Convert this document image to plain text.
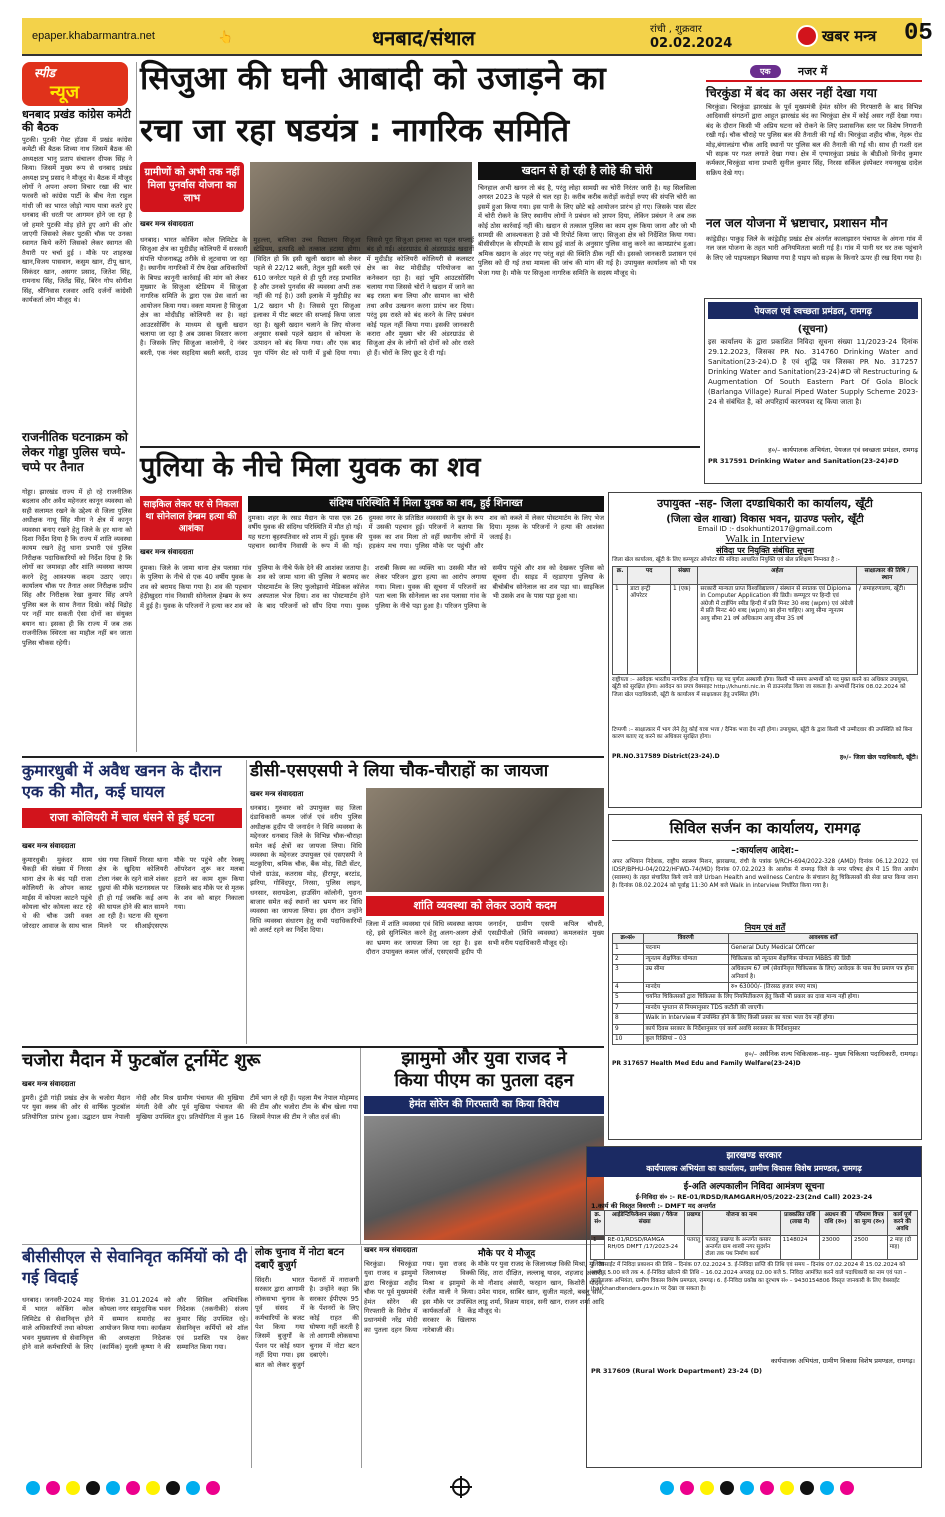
epaper.khabarmantra.net	👆	धनबाद/संथाल	रांची , शुक्रवार
02.02.2024	खबर मन्त्र 05
स्पीड
न्यूज
धनबाद प्रखंड कांग्रेस कमेटी की बैठक
पुटकी। पुटकी गेस्ट हॉउस में प्रखंड कांग्रेस कमेटी की बैठक शिव्या नाथ जिसमें बैठक की अध्यक्षता भानु प्रताप संचालन दीपक सिंह ने किया। जिसमें मुख्य रूप से धनबाद प्रखंड अध्यक्ष प्रभु प्रसाद ने मौजूद थे। बैठक में मौजूद लोगों ने अपना अपना विचार रखा की चार फरवरी को कांग्रेस पार्टी के बीच नेता राहुल गांधी जी का भारत जोड़ो न्याय यात्रा कतरे हुए धनबाद की धरती पर आगमन होने जा रहा है जो हमारे पुटकी मोड़ होते हुए आगे की ओर जाएगी जिसको लेकर पुटकी चौक पर उनका स्वागत किये करेंगे जिसको लेकर स्वागत की तैयारी पर चर्चा हुई । मौके पर शाहरुख खान,विजय पासवान, कसुम खान, टीपू खान, सिकंदर खान, असगर प्रसाद, जितेश सिंह, रामनाथ सिंह, जितेंद्र सिंह, बिरेन गोप सोगीश सिंह, श्रीनिवास रजवार आदि दर्जनों कांग्रेसी कार्यकर्ता लोग मौजूद थे।
राजनीतिक घटनाक्रम को लेकर गोड्डा पुलिस चप्पे-चप्पे पर तैनात
गोड्डा। झारखंड राज्य में हो रहे राजनीतिक बदलाव और अवैध महेनजर कानून व्यवस्था को सही सलामत रखने के उद्देश्य से जिला पुलिस अधीक्षक नाथू सिंह मीना ने क्षेत्र में कानून व्यवस्था बनाए रखने हेतु जिले के हर थाना को दिशा निर्देश दिया है कि राज्य में शांति व्यवस्था कायम रखने हेतु थाना प्रभारी एवं पुलिस निरीक्षक पदाधिकारियों को निर्देश दिया है कि लोगों का जमावड़ा और शांति व्यवस्था कायम करने हेतु आवश्यक कदम उठाए जाए। कार्यालय चौक पर तैनात अवर निरीक्षक प्रदीप सिंह और निरीक्षक रेखा कुमार सिंह अपने पुलिस बल के साथ तैनात दिखे। कोई विद्रोह पर नहीं मार सकती ऐसा दोनों का संयुक्त बयान था। इसका ही कि राज्य में जब तक राजनीतिक स्थिरता का माहौल नहीं बन जाता पुलिस चौकस रहेगी।
सिजुआ की घनी आबादी को उजाड़ने का
रचा जा रहा षडयंत्र : नागरिक समिति
ग्रामीणों को अभी तक नहीं मिला पुनर्वास योजना का लाभ
खबर मन्त्र संवाददाता
धनबाद। भारत कोकिंग कोल लिमिटेड के सिजुआ क्षेत्र का मुदीडीह कोलियरी में सरकारी संपत्ति योजनाबद्ध तरीके से लूटवाया जा रहा है। स्थानीय नागरिकों में रोष देखा अधिकारियों के बिफ्ड कानूनी कार्रवाई की मांग को लेकर मुख्यार के सिजुआ स्टेडियम में सिजुआ नागरिक समिति के द्वारा एक प्रेस वार्ता का आयोजन किया गया। वक्ता मामला है सिजुआ क्षेत्र का मोदीडीह कोलियरी का है। वहां आउटसोर्सिंग के माध्यम से खुली खदान चलाया जा रहा है अब उसका विस्तार करना है। जिसके लिए सिजुआ कालोनी, दे नंबर बस्ती, एक नंबर सहदिया बस्ती बस्ती, दाउद मुहल्ला, बालिका उच्च विद्यालय सिजुआ स्टेडियम, इत्यादि को तत्काल हटाया होगा। (विदित हो कि इसी खुली खदान को लेकर पहले से 22/12 बस्ती, तेतुल मुड़ी बस्ती एवं 610 जनरेटर पहले से ही पूरी तरह प्रभावित है और उनको पुनर्वास की व्यवस्था अभी तक नहीं की गई है।) उसी इलाके में मुदीडीह का 1/2 खदान भी है। जिससे पूरा सिजुआ इलाका में पीट बस्टर की सप्लाई किया जाता रहा है। खुली खदान चलाने के लिए योजना अनुसार सबसे पहले खदान से कोयला के उत्पादन को बंद किया गया। और एक बाद पूरा पंपिंग सेट को पानी में डुबो दिया गया। जिससे पूरा सिजुआ इलाका का पहल सप्लाई बंद हो गई। अंडरग्राउंड से अंडरग्राउंड खदानों में मुदीडीह कोलियरी कोलियरी से कलस्टर क्षेत्र का वेस्ट मोदीडीह परियोजना का कनेक्शन रहा है। वहां भूमि आउटसोर्सिंग चलाया गया जिससे चोरों ने खदान में जाने का बढ़ रास्ता बना लिया और सामान का चोरी तथा अवैध उत्खनन करना प्रारंभ कर दिया। परंतु इस रास्ते को बंद करने के लिए प्रबंधन कोई पहल नहीं किया गया। इसकी जानकारी करारा और मुख्या चोर की अंडरग्राउंड से सिजुआ क्षेत्र के लोगों को दोनों को ओर रास्ते हो हैं। चोरों के लिए छूट दे दी गई।
खदान से हो रही है लोहे की चोरी
चिनहाल अभी खनन तो बंद है, परंतु लोहा सामग्री का चोरी निरंतर जारी है। यह सिलसिला अगस्त 2023 के पहले से चल रहा है। करीब करीब करोड़ों करोड़ों रुपए की संपत्ति चोरी का इसमें हुआ किया गया। इस पानी के लिए छोटे बड़े आयोजन प्रारंभ हो गए। जिसके पास सेंटर में चोरी रोकने के लिए स्थानीय लोगों ने प्रबंधन को ज्ञापन दिया, लेकिन प्रबंधन ने अब तक कोई ठोस कार्रवाई नहीं की। खदान से तत्काल पुलिस का काम शुरू किया जाना और जो भी सामग्री की आवश्यकता है उसे भी रिपोर्ट किया जाए। सिजुआ क्षेत्र को निर्देशित किया गया। बीसीसीएल के सीएमडी के साथ हुई वार्ता के अनुसार पुलिस वालु करने का कामप्रारंभ हुआ। श्रमिक खदान के अंदर गए परंतु वहां की स्थिति ठीक नहीं थी। इसको जानकारी प्रशासन एवं पुलिस को दी गई तथा मामला की जांच की मांग की गई है। उपायुक्त कार्यालय को भी पत्र भेजा गया है। मौके पर सिजुआ नागरिक समिति के सदस्य मौजूद थे।
एक	नजर में
चिरकुंडा में बंद का असर नहीं देखा गया
चिरकुंडा। चिरकुंडा झारखंड के पूर्व मुख्यमंत्री हेमंत सोरेन की गिरफ्तारी के बाद विभिन्न आदिवासी संगठनों द्वारा आहूत झारखंड बंद का चिरकुंडा क्षेत्र में कोई असर नहीं देखा गया। बंद के दौरान किसी भी अप्रिय घटना को रोकने के लिए प्रशासनिक स्तर पर विशेष निगरानी रखी गई। चौक चौराहे पर पुलिस बल की तैनाती की गई थी। चिरकुंडा शहीद चौक, नेहरू रोड मोड़,बंगालडंगा चौक आदि स्थानों पर पुलिस बल की तैनाती की गई थी। साथ ही गश्ती दल भी सड़क पर गश्त लगाते देखा गया। क्षेत्र में एग्यारकुंडा प्रखंड के बीडीओ विनोद कुमार कर्मकार,चिरकुंडा थाना प्रभारी सुनील कुमार सिंह, निरसा सर्किल इंस्पेक्टर नयनसुख दादेल सक्रिय देखे गए।
नल जल योजना में भ्रष्टाचार, प्रशासन मौन
कांड्रेडीह। पाकुड़ जिले के कांड्रेडीह प्रखंड क्षेत्र अंतर्गत कालाझारन पंचायत के अंगना गांव में नल जल योजना के तहत भारी अनियमितता बरती गई है। गांव में पानी घर घर तक पहुंचाने के लिए जो पाइपलाइन बिछाया गया है पाइप को सड़क के किनारे ऊपर ही रख दिया गया है।
पेयजल एवं स्वच्छता प्रमंडल, रामगढ़
(सूचना)
इस कार्यालय के द्वारा प्रकाशित निविदा सूचना संख्या 11/2023-24 दिनांक 29.12.2023, जिसका PR No. 314760 Drinking Water and Sanitation(23-24).D है एवं शुद्धि पत्र जिसका PR No. 317257 Drinking Water and Sanitation(23-24)#D जो Restructuring & Augmentation Of South Eastern Part Of Gola Block (Barlanga Village) Rural Piped Water Supply Scheme 2023-24 से संबंधित है, को अपरिहार्य कारणवश रद्द किया जाता है।
ह०/– कार्यपालक अभियंता, पेयजल एवं स्वच्छता प्रमंडल, रामगढ़
PR 317591 Drinking Water and Sanitation(23-24)#D
पुलिया के नीचे मिला युवक का शव
साइकिल लेकर घर से निकला था सोनेलाल हेम्ब्रम हत्या की आशंका
खबर मन्त्र संवाददाता
संदिग्ध परिस्थिति में मिला युवक का शव, हुई शिनाख्त
दुमका। शहर के रसड मैदान के पास एक 26 वर्षीय युवक की संदिग्ध परिस्थिति में मौत हो गई। यह घटना बृहस्पतिवार को शाम में हुई। युवक की पहचान स्थानीय निवासी के रूप में की गई। दुमका नगर के प्रतिष्ठित व्यवसायी के पुत्र के रूप में उसकी पहचान हुई। परिजनों ने बताया कि युवक का शव मिला तो वहीं स्थानीय लोगों में हड़कंप मच गया। पुलिस मौके पर पहुंची और शव को कब्जे में लेकर पोस्टमार्टम के लिए भेज दिया। मृतक के परिजनों ने हत्या की आशंका जताई है।
दुमका। जिले के जामा थाना क्षेत्र पलासा गांव के पुलिया के नीचे से एक 40 वर्षीय युवक के शव को बरामद किया गया है। शव की पहचान हेठ़ीखुदरा गांव निवासी सोनेलाल हेम्ब्रम के रूप में हुई है। युवक के परिजनों ने हत्या कर शव को पुलिया के नीचे फेंके देने की आशंका जताया है। शव को जामा थाना की पुलिस ने बरामद कर पोस्टमार्टम के लिए फुलोझानो मेडिकल कॉलेज अस्पताल भेज दिया। शव का पोस्टमार्टम होने के बाद परिजनों को सौंप दिया गया। युवक शराबी किस्म का व्यक्ति था। उसकी मौत को लेकर परिजन द्वारा हत्या का आरोप लगाया गया। मिला। युवक की सूचना में परिजनों का पता चला कि सोनेलाल का शव पलासा गांव के पुलिया के नीचे पड़ा हुआ है। परिजन पुलिया के समीप पहुंचे और शव को देखकर पुलिस को सूचना दी। साइड में रहडाएगा पुलिया के बीचोबीच सोनेलाल का शव पड़ा था। साइकिल भी उसके शव के पास पड़ा हुआ था।
उपायुक्त -सह- जिला दण्डाधिकारी का कार्यालय, खूँटी
(जिला खेल शाखा) विकास भवन, ग्राउण्ड फ्लोर, खूँटी
Email ID :- dsokhunti2017@gmail.com
Walk in Interview
संविदा पर नियुक्ति संबंधित सूचना
जिला खेल कार्यालय, खूँटी के लिए कम्प्यूटर ऑपरेटर की संविदा आधारित नियुक्ति एवं खेल प्रशिक्षण निम्नवत है :-
क्र.	पद	संख्या	अर्हता	साक्षात्कार की तिथि / स्थान
1	डाटा इन्ट्री ऑपरेटर	1 (एक)	सरकारी मान्यता प्राप्त विश्वविद्यालय / संस्थान से स्नातक एवं Diploma in Computer Application की डिग्री। कम्प्यूटर पर हिन्दी एवं अंग्रेजी में टाईपिंग स्पीड हिन्दी में प्रति मिनट 30 शब्द (wpm) एवं अंग्रेजी में प्रति मिनट 40 शब्द (wpm) का होना चाहिए। आयु सीमा न्यूनतम आयु सीमा 21 वर्ष अधिकतम आयु सीमा 35 वर्ष	/ समाहरणालय, खूँटी।
राष्ट्रीयता :– आवेदक भारतीय नागरिक होना चाहिए। यह पद पूर्णतः अस्थायी होगा। किसी भी समय अभ्यर्थी को पद मुक्त करने का अधिकार उपायुक्त, खूँटी को सुरक्षित होगा। आवेदन का प्रपत्र वेबसाइट http://khunti.nic.in से डाउनलोड किया जा सकता है। अभ्यर्थी दिनांक 08.02.2024 को जिला खेल पदाधिकारी, खूँटी के कार्यालय में साक्षात्कार हेतु उपस्थित होंगे।
टिप्पणी :– साक्षात्कार में भाग लेने हेतु कोई यात्रा भत्ता / दैनिक भत्ता देय नहीं होगा। उपायुक्त, खूँटी के द्वारा किसी भी उम्मीदवार की उपस्थिति को बिना कारण बताए रद्द करने का अधिकार सुरक्षित होगा।
PR.NO.317589 District(23-24).D	ह०/– जिला खेल पदाधिकारी, खूँटी।
कुमारधुबी में अवैध खनन के दौरान एक की मौत, कई घायल
राजा कोलियरी में चाल धंसने से हुई घटना
खबर मन्त्र संवाददाता
कुमारधुबी। मुकंदर साम चैकड़ी की संख्या में निरसा थाना क्षेत्र के बंद पड़ी राजा कोलियरी के ओपन कास्ट माईंस में कोयला काटने पहुंचे कोयला चोर कोयला काट रहे थे की चौक उसी वक्त जोरदार आवाज के साथ चाल धंस गया जिसमें निरसा थाना क्षेत्र के खुदिया कोलियरी टोला नंबर के रहने वाले शंकर धुइयां की मौके घटनास्थल पर ही हो गई जबकि कई अन्य की घायल होने की बात सामने आ रही है। घटना की सूचना मिलने पर सीआईएसएफ मौके पर पहुंचे और रेस्क्यू ऑपरेशन शुरू कर मलबा हटाने का काम शुरू किया जिसके बाद मौके पर से मृतक के शव को बाहर निकाला गया।
डीसी-एसएसपी ने लिया चौक-चौराहों का जायजा
खबर मन्त्र संवाददाता
धनबाद। गुरुवार को उपायुक्त सह जिला दंडाधिकारी कमल जॉर्ज एवं वरीय पुलिस अधीक्षक हृदीप पी जनार्दन ने विधि व्यवस्था के मद्देनजर धनबाद जिले के विभिन्न चौक-चौराहा समेत कई क्षेत्रों का जायजा लिया। विधि व्यवस्था के मद्देनजर उपायुक्त एवं एसएसपी ने मटकुरिया, श्रमिक चौक, बैंक मोड़, सिटी सेंटर, पोलो ग्राउंड, कतरास मोड़, हीरापुर, बरटांड, झरिया, गोविंदपुर, निरसा, पुलिस लाइन, धनसार, सरायढेला, हाउसिंग कॉलोनी, पुराना बाजार समेत कई स्थानों का भ्रमण कर विधि व्यवस्था का जायजा लिया। इस दौरान उन्होंने विधि व्यवस्था संधारण हेतु सभी पदाधिकारियों को अलर्ट रहने का निर्देश दिया।
शांति व्यवस्था को लेकर उठाये कदम
जिला में शांति व्यवस्था एवं विधि व्यवस्था कायम रहे, इसे सुनिश्चित करने हेतु अलग-अलग क्षेत्रों का भ्रमण कर जायजा लिया जा रहा है। इस दौरान उपायुक्त कमल जॉर्ज, एसएसपी हृदीप पी जनार्दन, ग्रामीण एसपी कपिल चौधरी, एसडीपीओ (विधि व्यवस्था) कमलकांत मुख्य सभी वरीय पदाधिकारी मौजूद रहे।
सिविल सर्जन का कार्यालय, रामगढ़
–:कार्यालय आदेश:–
अपर अभियान निदेशक, राष्ट्रीय स्वास्थ्य मिशन, झारखण्ड, रांची के पत्रांक 9/RCH-694/2022-328 (AMD) दिनांक 06.12.2022 एवं IDSP/BPHU-04/2022/HFWD-74(MD) दिनांक 07.02.2023 के आलोक में रामगढ़ जिले के नगर परिषद क्षेत्र में 15 वित्त आयोग (स्वास्थ्य) के तहत संचालित किये जाने वाले Urban Health and wellness Centre के संचालन हेतु चिकित्सकों की सेवा प्राप्त किया जाना है। दिनांक 08.02.2024 को पूर्वाह्न 11:30 AM बजे Walk in interview निर्धारित किया गया है।
नियम एवं शर्तें
क्र०सं०	विवरणी	आवश्यक शर्तें
1	पदनाम	General Duty Medical Officer
2	न्यूनतम शैक्षणिक योग्यता	चिकित्सक को न्यूनतम शैक्षणिक योग्यता MBBS की डिग्री
3	उम्र सीमा	अधिकतम 67 वर्ष (सेवानिवृत्त चिकित्सक के लिए) आवेदक के पास वैध प्रमाण पत्र होना अनिवार्य है।
4	मानदेय	रु० 63000/- (तिरसठ हजार रुपए मात्र)
5	चयनित चिकित्सकों द्वारा चिकित्सा के लिए नियमितीकरण हेतु किसी भी प्रकार का दावा मान्य नहीं होगा।	
7	मानदेय भुगतान से नियमानुसार TDS कटौती की जाएगी।	
8	Walk in Interview में उपस्थित होने के लिए किसी प्रकार का यात्रा भत्ता देय नहीं होगा।	
9	कार्य दिवस सरकार के निर्देशानुसार एवं कार्य अवधि सरकार के निर्देशानुसार	
10	कुल रिक्तियां – 03	
ह०/– असैनिक शल्य चिकित्सक–सह– मुख्य चिकित्सा पदाधिकारी, रामगढ़।
PR 317657 Health Med Edu and Family Welfare(23-24)D
चजोरा मैदान में फुटबॉल टूर्नामेंट शुरू
खबर मन्त्र संवाददाता
डुमरी। टुंडी गांड़ी प्रखंड क्षेत्र के चजोरा मैदान पर युवा क्लब की ओर से वार्षिक फुटबॉल प्रतियोगिता प्रारंभ हुआ। उद्घाटन ग्राम नेपाली नोदी और मिश्र ग्रामीण पंचायत की मुखिया मंगती देवी और पूर्व मुखिया पंचायत की मुखिया उपस्थित हुए। प्रतियोगिता में कुल 16 टीमें भाग ले रही हैं। पहला मैच नेपाल मोहम्मद की टीम और चजोरा टीम के बीच खेला गया जिसमें नेपाल की टीम ने जीत दर्ज की।
झामुमो और युवा राजद ने
किया पीएम का पुतला दहन
हेमंत सोरेन की गिरफ्तारी का किया विरोध
बीसीसीएल से सेवानिवृत कर्मियों को दी गई विदाई
धनबाद। जनवरी-2024 माह में भारत कोकिंग कोल लिमिटेड से सेवानिवृत्त होने वाले अधिकारियों तथा कोयला भवन मुख्यालय से सेवानिवृत्त होने वाले कर्मचारियों के लिए दिनांक 31.01.2024 को कोयला नगर सामुदायिक भवन में सम्मान समारोह का आयोजन किया गया। कार्यक्रम की अध्यक्षता निदेशक (कार्मिक) मुरली कृष्णा ने की और सिविल अभियंत्रिक निदेशक (तकनीकी) संजय कुमार सिंह उपस्थित रहे। सेवानिवृत्त कर्मियों को शॉल एवं प्रशस्ति पत्र देकर सम्मानित किया गया।
लोक चुनाव में नोटा बटन दबाएँ बुजुर्ग
सिंदरी। भारत सरकार द्वारा आगामी लोकसभा चुनाव के पूर्व संसद में कर्मचारियों के बजट पेश किया गया जिसमें बुजुर्गों के पेंशन पर कोई ध्यान नहीं दिया गया। इस बात को लेकर बुजुर्ग पेंशनरों में नाराजगी है। उन्होंने कहा कि सरकार ईपीएफ 95 के पेंशनरों के लिए कोई राहत की घोषणा नहीं करती है तो आगामी लोकसभा चुनाव में नोटा बटन दबाएंगे।
खबर मन्त्र संवाददाता
चिरकुंडा। चिरकुंडा युवा राजद व झामुमो द्वारा चिरकुंडा शहीद चौक पर पूर्व मुख्यमंत्री हेमंत सोरेन की गिरफ्तारी के विरोध में प्रधानमंत्री नरेंद्र मोदी का पुतला दहन किया गया। युवा राजद के जिलाध्यक्ष विक्की मिश्रा व झामुमो के रंजीत माली ने किया। इस मौके पर उपस्थित कार्यकर्ताओं ने केंद्र सरकार के खिलाफ नारेबाजी की।
मौके पर ये मौजूद
मौके पर युवा राजद के जिलाध्यक्ष विकी मिश्रा, मुनिता सिंह, तारा दीक्षित, लल्लाबू यादव, शहजाद अंसारी, मो नौशाद अंसारी, फरहान खान, किशोरी यादव, उमेश यादव, साबिर खान, सुजीत महतो, बबलू साव, लाडू शर्मा, विक्रम यादव, सनी खान, राजन शर्मा आदि मौजूद थे।
झारखण्ड सरकार
कार्यपालक अभियंता का कार्यालय, ग्रामीण विकास विशेष प्रमण्डल, रामगढ़
ई-अति अल्पकालीन निविदा आमंत्रण सूचना
ई-निविदा सं० :- RE-01/RDSD/RAMGARH/05/2022-23(2nd Call) 2023-24
1.कार्य की विस्तृत विवरणी :- DMFT मद अन्तर्गत
क्र. सं०	आईडेन्टिफिकेशन संख्या / पैकेज संख्या	प्रखण्ड	योजना का नाम	प्राक्कलित राशि (लाख में)	अग्रधन की राशि (रु०)	परिमाण विपत्र का मूल्य (रु०)	कार्य पूर्ण करने की अवधि
1	RE-01/RDSD/RAMGA RH/05 DMFT /17/2023-24	पतरातु	पतरातु प्रखण्ड के अन्तर्गत कसार अन्तर्गत ग्राम शास्त्री नगर सुदर्शन टोला तक पथ निर्माण कार्य	1148024	23000	2500	2 माह (दो माह)
2. वेबसाईट में निविदा प्रकाशन की तिथि – दिनांक 07.02.2024 3. ई-निविदा प्राप्ति की तिथि एवं समय – दिनांक 07.02.2024 से 15.02.2024 को अपराह्न 5.00 बजे तक 4. ई-निविदा खोलने की तिथि – 16.02.2024 अपराह्न 02.00 बजे 5. निविदा आमंत्रित करने वाले पदाधिकारी का नाम एवं पता – कार्यपालक अभियंता, ग्रामीण विकास विशेष प्रमण्डल, रामगढ़। 6. ई-निविदा प्रकोष्ठ का दूरभाष सं० – 9430154806 विस्तृत जानकारी के लिए वेबसाईट jharkhandtenders.gov.in पर देखा जा सकता है।
कार्यपालक अभियंता, ग्रामीण विकास विशेष प्रमण्डल, रामगढ़।
PR 317609 (Rural Work Department) 23-24 (D)
